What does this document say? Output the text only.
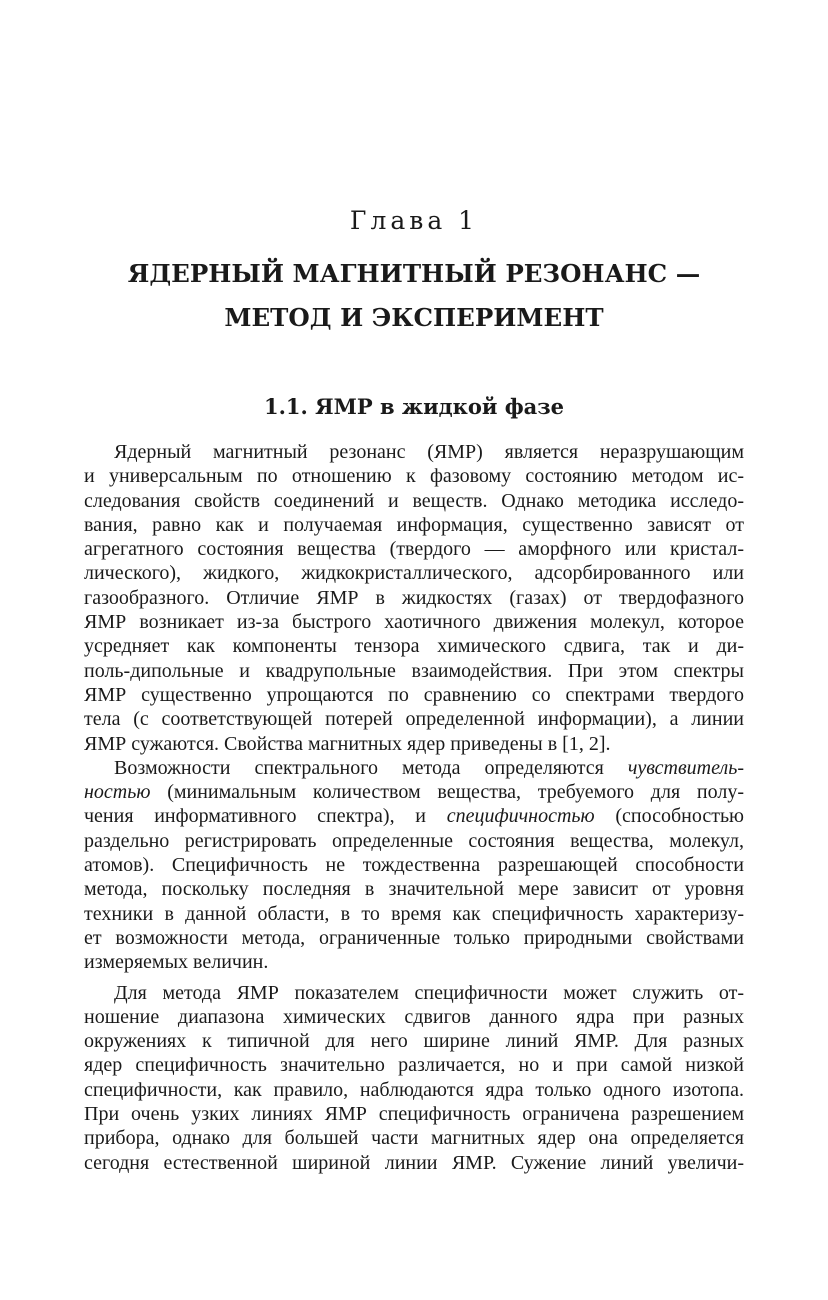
Глава 1
ЯДЕРНЫЙ МАГНИТНЫЙ РЕЗОНАНС —
МЕТОД И ЭКСПЕРИМЕНТ
1.1. ЯМР в жидкой фазе
Ядерный магнитный резонанс (ЯМР) является неразрушающим
и универсальным по отношению к фазовому состоянию методом ис-
следования свойств соединений и веществ. Однако методика исследо-
вания, равно как и получаемая информация, существенно зависят от
агрегатного состояния вещества (твердого — аморфного или кристал-
лического), жидкого, жидкокристаллического, адсорбированного или
газообразного. Отличие ЯМР в жидкостях (газах) от твердофазного
ЯМР возникает из-за быстрого хаотичного движения молекул, которое
усредняет как компоненты тензора химического сдвига, так и ди-
поль-дипольные и квадрупольные взаимодействия. При этом спектры
ЯМР существенно упрощаются по сравнению со спектрами твердого
тела (с соответствующей потерей определенной информации), а линии
ЯМР сужаются. Свойства магнитных ядер приведены в [1, 2].
Возможности спектрального метода определяются чувствитель-
ностью (минимальным количеством вещества, требуемого для полу-
чения информативного спектра), и специфичностью (способностью
раздельно регистрировать определенные состояния вещества, молекул,
атомов). Специфичность не тождественна разрешающей способности
метода, поскольку последняя в значительной мере зависит от уровня
техники в данной области, в то время как специфичность характеризу-
ет возможности метода, ограниченные только природными свойствами
измеряемых величин.
Для метода ЯМР показателем специфичности может служить от-
ношение диапазона химических сдвигов данного ядра при разных
окружениях к типичной для него ширине линий ЯМР. Для разных
ядер специфичность значительно различается, но и при самой низкой
специфичности, как правило, наблюдаются ядра только одного изотопа.
При очень узких линиях ЯМР специфичность ограничена разрешением
прибора, однако для большей части магнитных ядер она определяется
сегодня естественной шириной линии ЯМР. Сужение линий увеличи-
